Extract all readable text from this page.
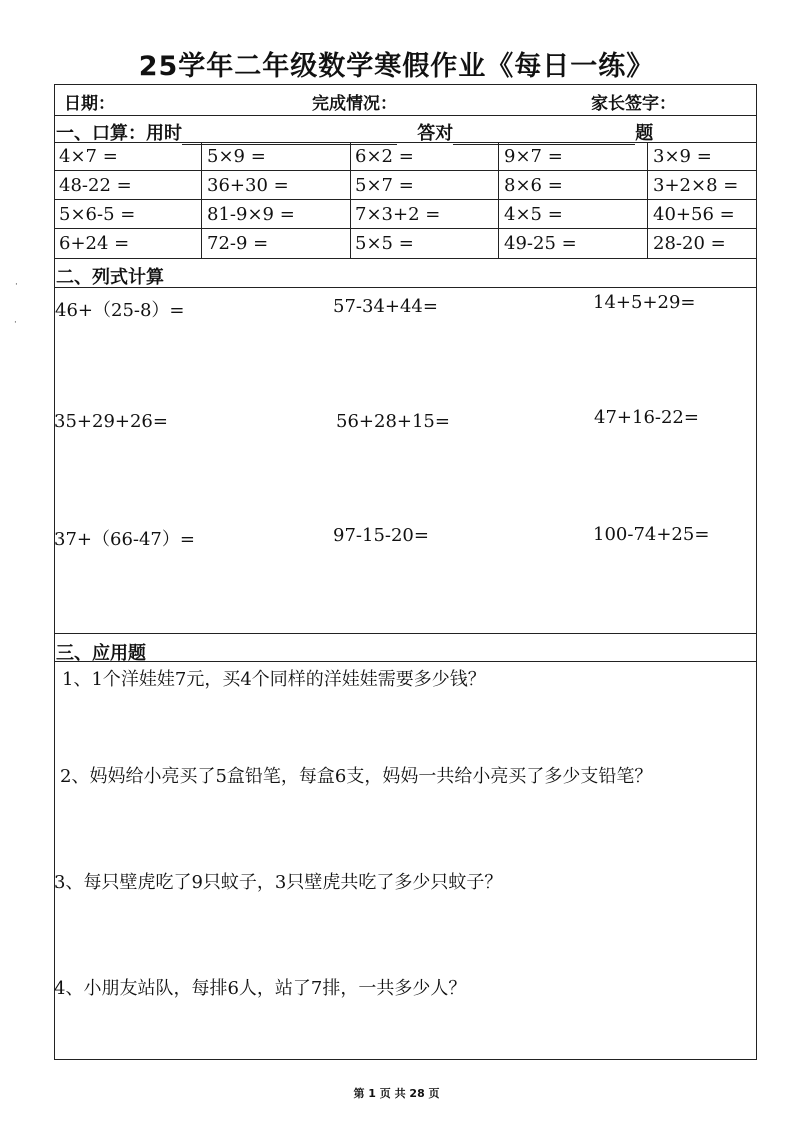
25学年二年级数学寒假作业《每日一练》
日期：	完成情况：	家长签字：
一、口算：用时	答对	题
4×7 =	5×9 =	6×2 =	9×7 =	3×9 =
48-22 =	36+30 =	5×7 =	8×6 =	3+2×8 =
5×6-5 =	81-9×9 =	7×3+2 =	4×5 =	40+56 =
6+24 =	72-9 =	5×5 =	49-25 =	28-20 =
二、列式计算
46+（25-8）=	57-34+44=	14+5+29=
35+29+26=	56+28+15=	47+16-22=
37+（66-47）=	97-15-20=	100-74+25=
三、应用题
1、1个洋娃娃7元，买4个同样的洋娃娃需要多少钱？
2、妈妈给小亮买了5盒铅笔，每盒6支，妈妈一共给小亮买了多少支铅笔？
3、每只壁虎吃了9只蚊子，3只壁虎共吃了多少只蚊子？
4、小朋友站队，每排6人，站了7排，一共多少人？
·
·
第 1 页 共 28 页
